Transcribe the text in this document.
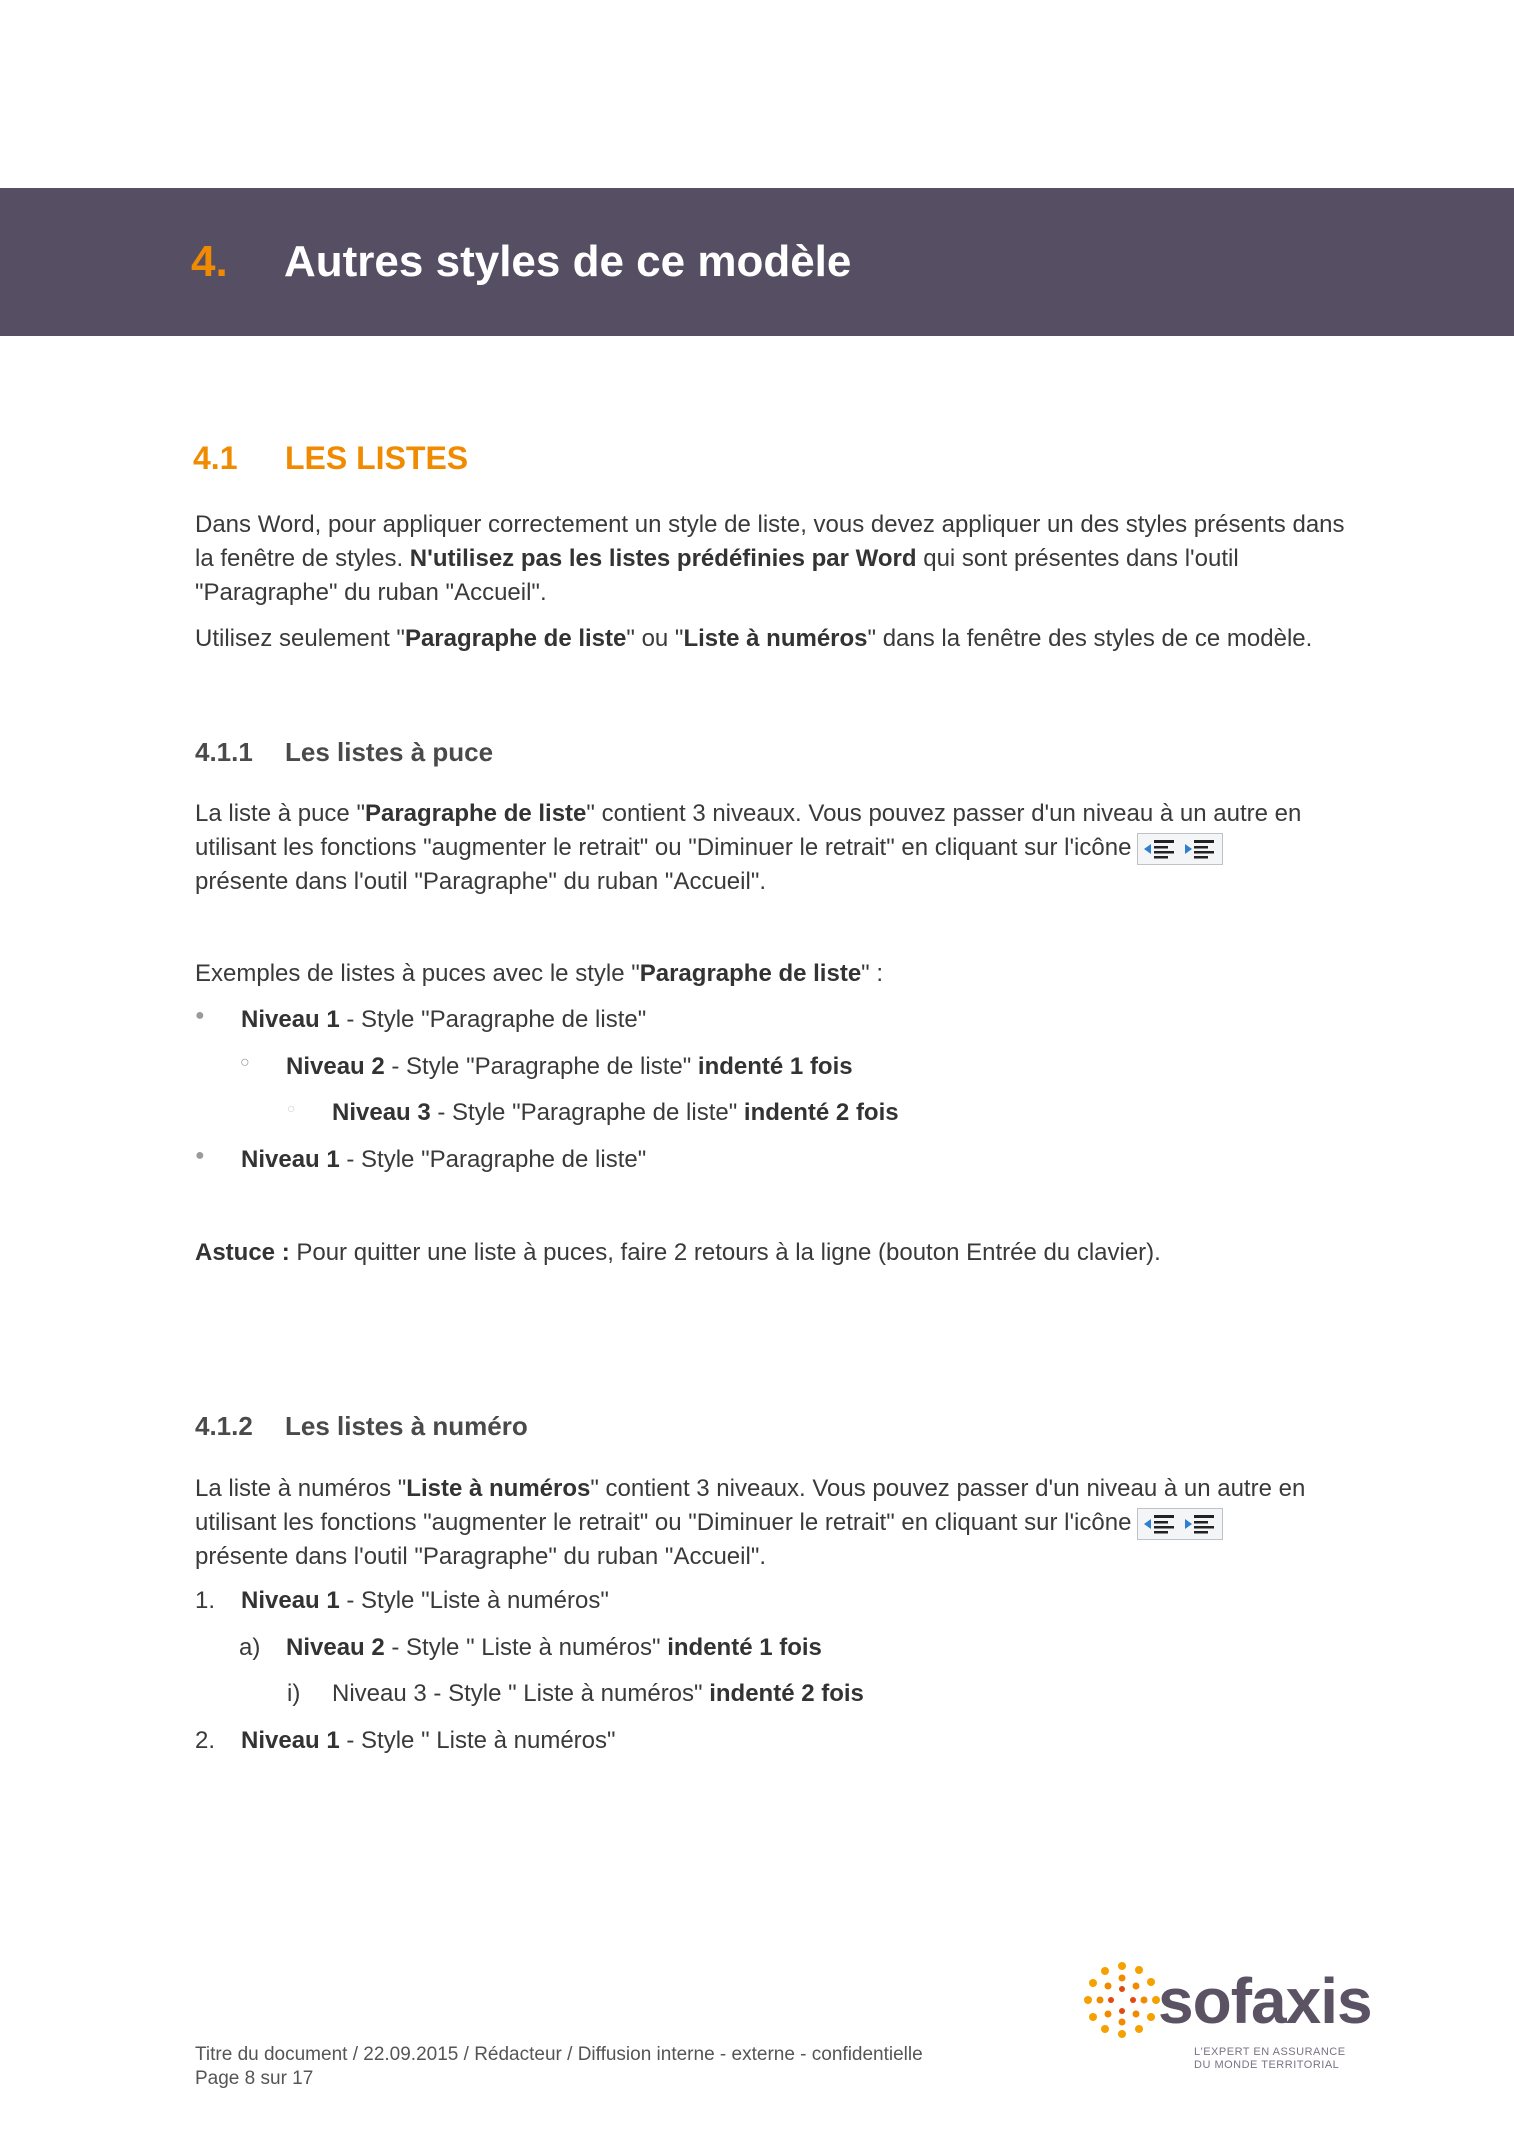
4. Autres styles de ce modèle
4.1 LES LISTES
Dans Word, pour appliquer correctement un style de liste, vous devez appliquer un des styles présents dans la fenêtre de styles. N'utilisez pas les listes prédéfinies par Word qui sont présentes dans l'outil "Paragraphe" du ruban "Accueil".
Utilisez seulement "Paragraphe de liste" ou "Liste à numéros" dans la fenêtre des styles de ce modèle.
4.1.1 Les listes à puce
La liste à puce "Paragraphe de liste" contient 3 niveaux. Vous pouvez passer d'un niveau à un autre en utilisant les fonctions "augmenter le retrait" ou "Diminuer le retrait" en cliquant sur l'icône

présente dans l'outil "Paragraphe" du ruban "Accueil".
Exemples de listes à puces avec le style "Paragraphe de liste" :
● Niveau 1 - Style "Paragraphe de liste"
○ Niveau 2 - Style "Paragraphe de liste" indenté 1 fois
○ Niveau 3 - Style "Paragraphe de liste" indenté 2 fois
● Niveau 1 - Style "Paragraphe de liste"
Astuce : Pour quitter une liste à puces, faire 2 retours à la ligne (bouton Entrée du clavier).
4.1.2 Les listes à numéro
La liste à numéros "Liste à numéros" contient 3 niveaux. Vous pouvez passer d'un niveau à un autre en utilisant les fonctions "augmenter le retrait" ou "Diminuer le retrait" en cliquant sur l'icône

présente dans l'outil "Paragraphe" du ruban "Accueil".
1. Niveau 1 - Style "Liste à numéros"
a) Niveau 2 - Style " Liste à numéros" indenté 1 fois
i) Niveau 3 - Style " Liste à numéros" indenté 2 fois
2. Niveau 1 - Style " Liste à numéros"
sofaxis
L'EXPERT EN ASSURANCE
DU MONDE TERRITORIAL
Titre du document / 22.09.2015 / Rédacteur / Diffusion interne - externe - confidentielle
Page 8 sur 17
